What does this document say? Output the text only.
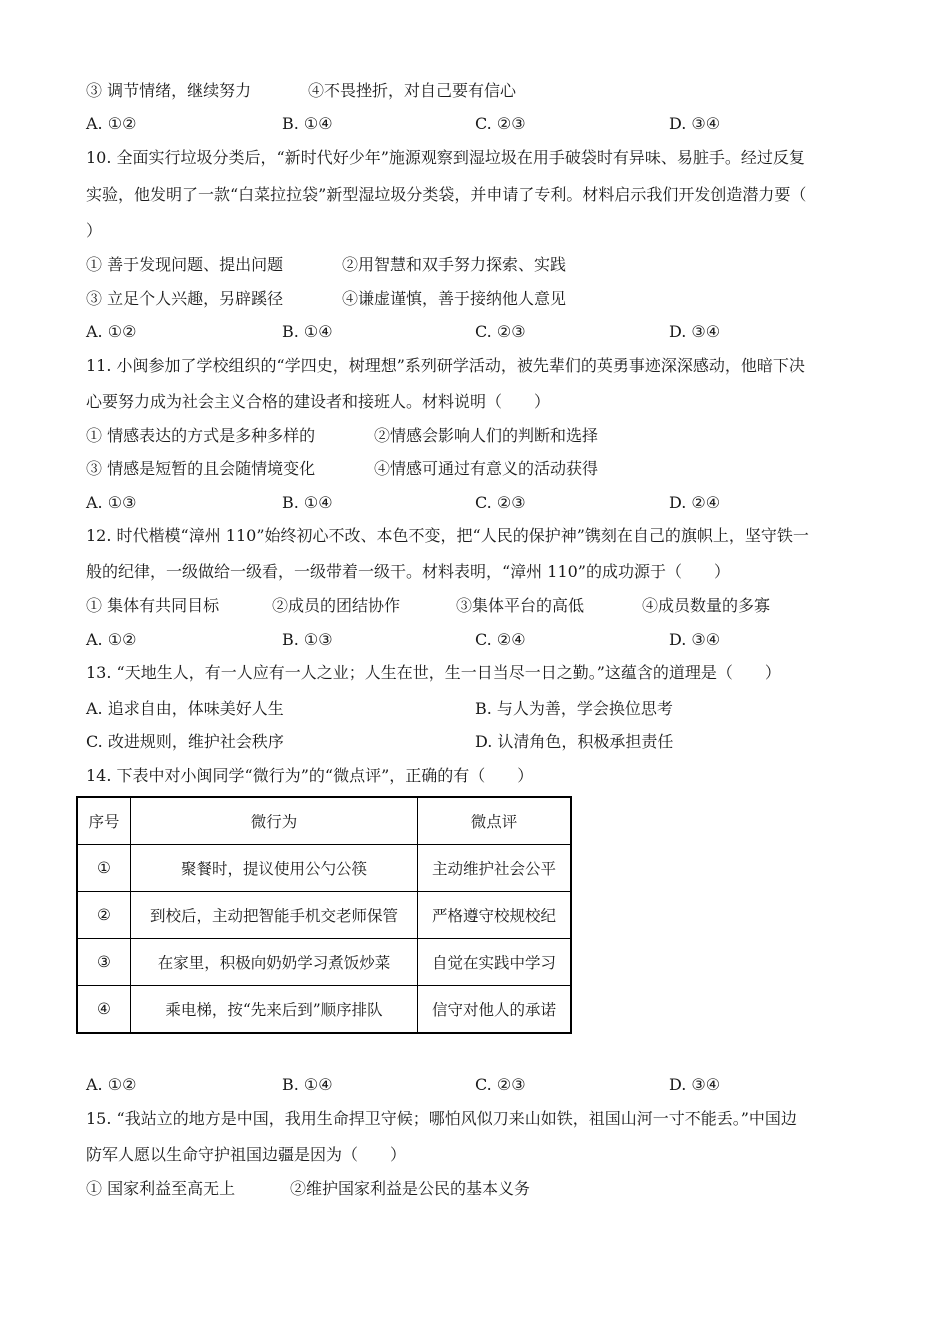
③ 调节情绪，继续努力	④不畏挫折，对自己要有信心
A. ①②	B. ①④	C. ②③	D. ③④
10. 全面实行垃圾分类后，“新时代好少年”施源观察到湿垃圾在用手破袋时有异味、易脏手。经过反复
实验，他发明了一款“白菜拉拉袋”新型湿垃圾分类袋，并申请了专利。材料启示我们开发创造潜力要（
）
① 善于发现问题、提出问题	②用智慧和双手努力探索、实践
③ 立足个人兴趣，另辟蹊径	④谦虚谨慎，善于接纳他人意见
A. ①②	B. ①④	C. ②③	D. ③④
11. 小闽参加了学校组织的“学四史，树理想”系列研学活动，被先辈们的英勇事迹深深感动，他暗下决
心要努力成为社会主义合格的建设者和接班人。材料说明（　　）
① 情感表达的方式是多种多样的	②情感会影响人们的判断和选择
③ 情感是短暂的且会随情境变化	④情感可通过有意义的活动获得
A. ①③	B. ①④	C. ②③	D. ②④
12. 时代楷模“漳州 110”始终初心不改、本色不变，把“人民的保护神”镌刻在自己的旗帜上，坚守铁一
般的纪律，一级做给一级看，一级带着一级干。材料表明，“漳州 110”的成功源于（　　）
① 集体有共同目标	②成员的团结协作	③集体平台的高低	④成员数量的多寡
A. ①②	B. ①③	C. ②④	D. ③④
13. “天地生人，有一人应有一人之业；人生在世，生一日当尽一日之勤。”这蕴含的道理是（　　）
A. 追求自由，体味美好人生	B. 与人为善，学会换位思考
C. 改进规则，维护社会秩序	D. 认清角色，积极承担责任
14. 下表中对小闽同学“微行为”的“微点评”，正确的有（　　）
序号	微行为	微点评
①	聚餐时，提议使用公勺公筷	主动维护社会公平
②	到校后，主动把智能手机交老师保管	严格遵守校规校纪
③	在家里，积极向奶奶学习煮饭炒菜	自觉在实践中学习
④	乘电梯，按“先来后到”顺序排队	信守对他人的承诺
A. ①②	B. ①④	C. ②③	D. ③④
15. “我站立的地方是中国，我用生命捍卫守候；哪怕风似刀来山如铁，祖国山河一寸不能丢。”中国边
防军人愿以生命守护祖国边疆是因为（　　）
① 国家利益至高无上	②维护国家利益是公民的基本义务
